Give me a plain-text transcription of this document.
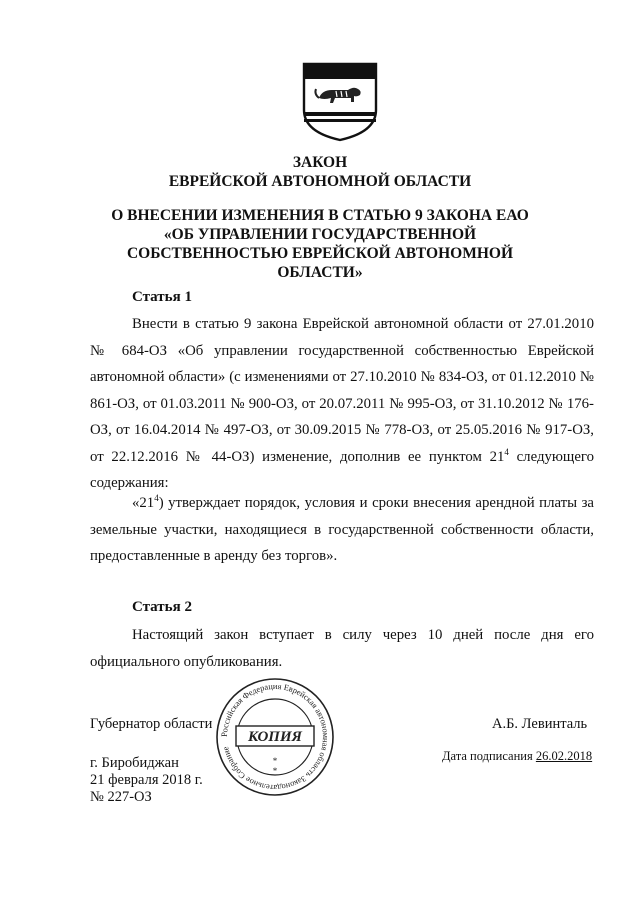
ЗАКОН
ЕВРЕЙСКОЙ АВТОНОМНОЙ ОБЛАСТИ
О ВНЕСЕНИИ ИЗМЕНЕНИЯ В СТАТЬЮ 9 ЗАКОНА ЕАО «ОБ УПРАВЛЕНИИ ГОСУДАРСТВЕННОЙ СОБСТВЕННОСТЬЮ ЕВРЕЙСКОЙ АВТОНОМНОЙ ОБЛАСТИ»
Статья 1

Внести в статью 9 закона Еврейской автономной области от 27.01.2010 № 684-ОЗ «Об управлении государственной собственностью Еврейской автономной области» (с изменениями от 27.10.2010 № 834-ОЗ, от 01.12.2010 № 861-ОЗ, от 01.03.2011 № 900-ОЗ, от 20.07.2011 № 995-ОЗ, от 31.10.2012 № 176-ОЗ, от 16.04.2014 № 497-ОЗ, от 30.09.2015 № 778-ОЗ, от 25.05.2016 № 917-ОЗ, от 22.12.2016 № 44-ОЗ) изменение, дополнив ее пунктом $21^4$ следующего содержания:

«$21^4$) утверждает порядок, условия и сроки внесения арендной платы за земельные участки, находящиеся в государственной собственности области, предоставленные в аренду без торгов».

Статья 2

Настоящий закон вступает в силу через 10 дней после дня его официального опубликования.

Губернатор области	А.Б. Левинталь
г. Биробиджан
21 февраля 2018 г.
№ 227-ОЗ
Дата подписания 26.02.2018
Российская Федерация Еврейская автономная область Законодательное Собрание
КОПИЯ
*
*
